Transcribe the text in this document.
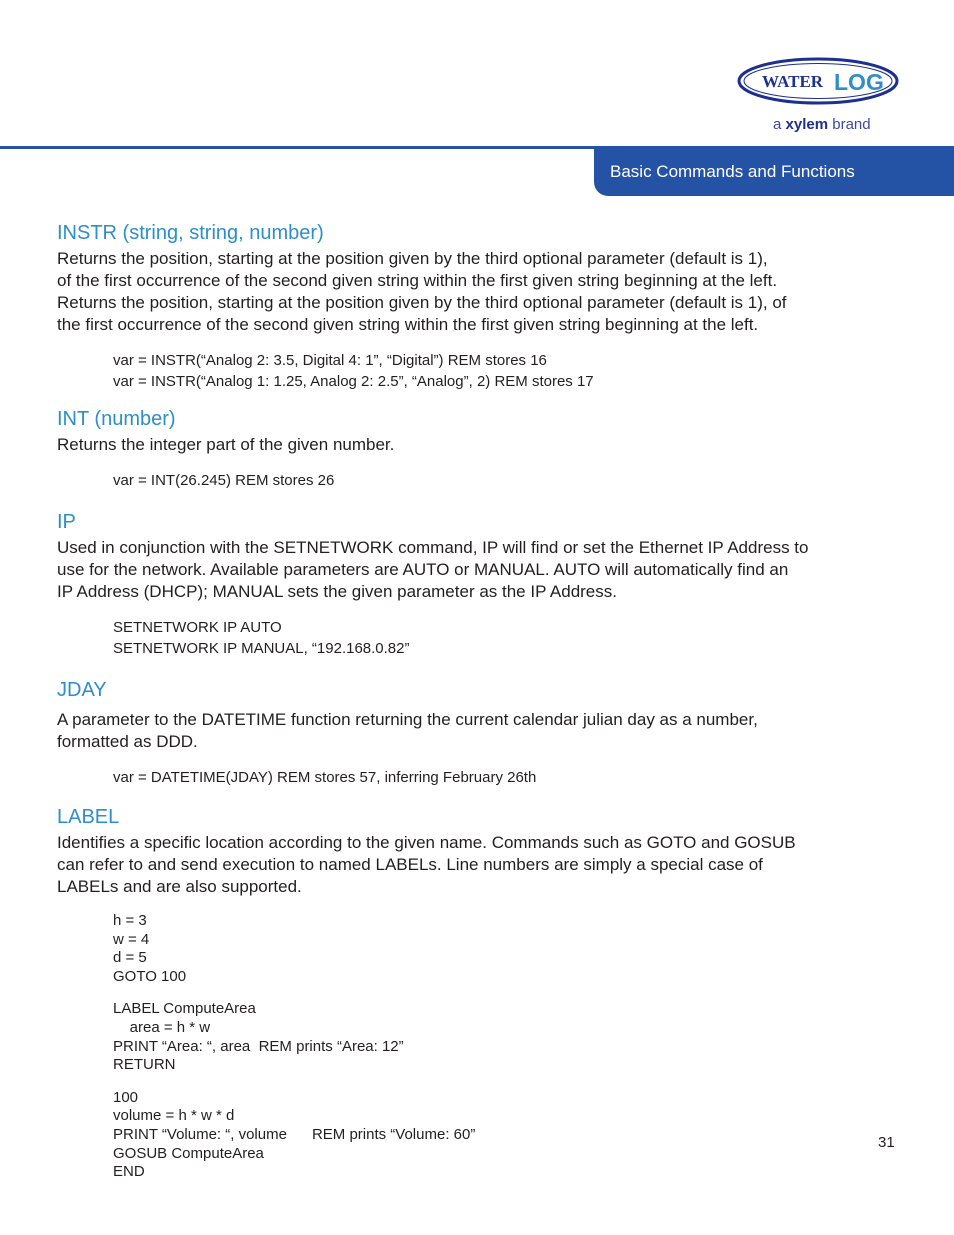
WATER LOG
a xylem brand
Basic Commands and Functions
INSTR (string, string, number)

Returns the position, starting at the position given by the third optional parameter (default is 1),
of the first occurrence of the second given string within the first given string beginning at the left.
Returns the position, starting at the position given by the third optional parameter (default is 1), of
the first occurrence of the second given string within the first given string beginning at the left.

var = INSTR(“Analog 2: 3.5, Digital 4: 1”, “Digital”) REM stores 16
var = INSTR(“Analog 1: 1.25, Analog 2: 2.5”, “Analog”, 2) REM stores 17
INT (number)

Returns the integer part of the given number.

var = INT(26.245) REM stores 26
IP

Used in conjunction with the SETNETWORK command, IP will find or set the Ethernet IP Address to
use for the network. Available parameters are AUTO or MANUAL. AUTO will automatically find an
IP Address (DHCP); MANUAL sets the given parameter as the IP Address.

SETNETWORK IP AUTO
SETNETWORK IP MANUAL, “192.168.0.82”
JDAY

A parameter to the DATETIME function returning the current calendar julian day as a number,
formatted as DDD.

var = DATETIME(JDAY) REM stores 57, inferring February 26th
LABEL

Identifies a specific location according to the given name. Commands such as GOTO and GOSUB
can refer to and send execution to named LABELs. Line numbers are simply a special case of
LABELs and are also supported.

h = 3
w = 4
d = 5
GOTO 100
LABEL ComputeArea
area = h * w
PRINT “Area: “, area  REM prints “Area: 12”
RETURN
100
volume = h * w * d
PRINT “Volume: “, volume      REM prints “Volume: 60”
GOSUB ComputeArea
END
31
